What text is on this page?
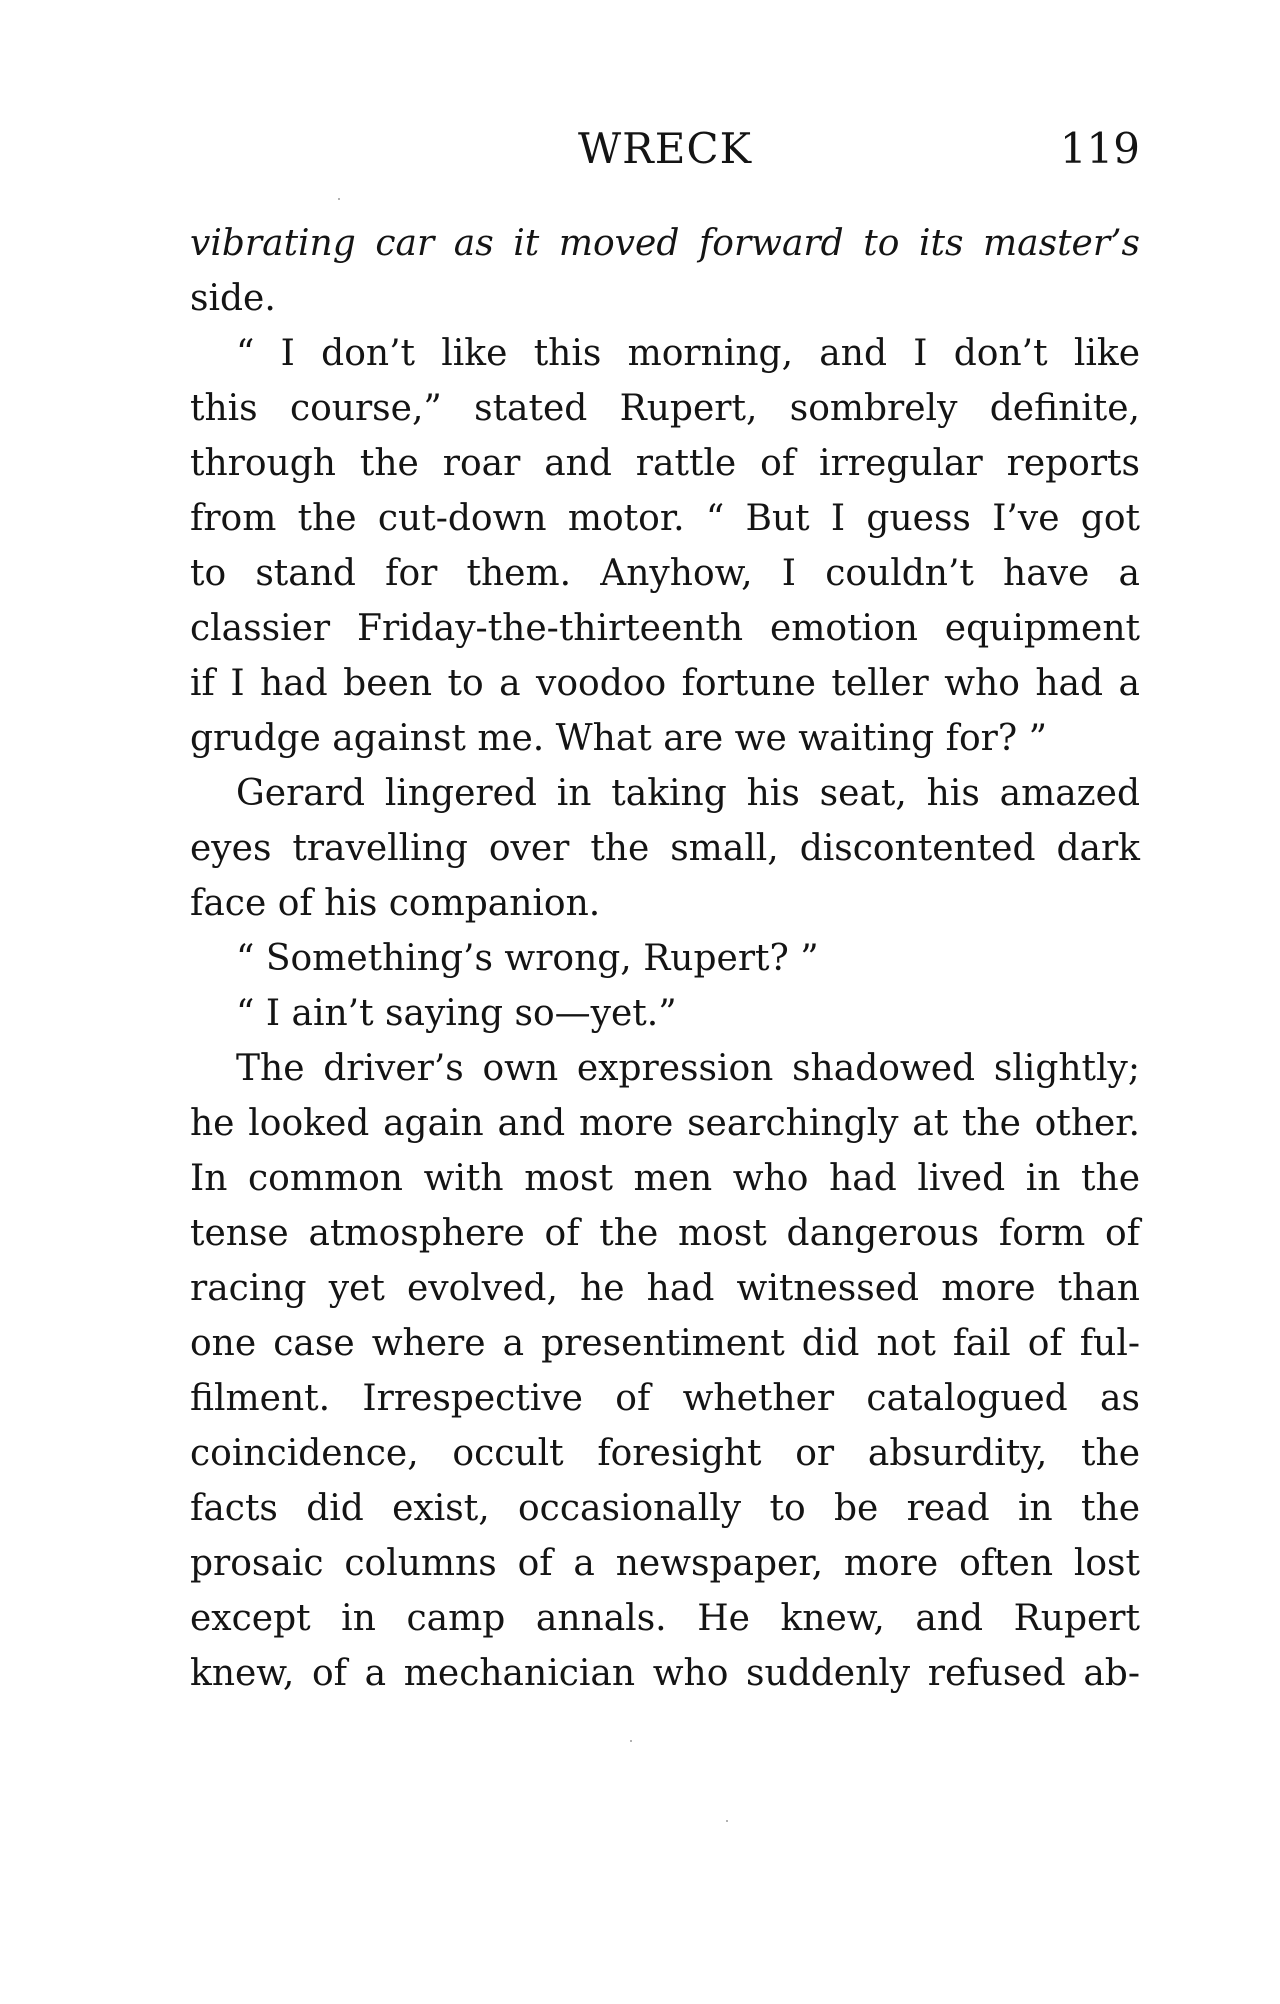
WRECK	119
vibrating car as it moved forward to its master’s
side.
“ I don’t like this morning, and I don’t like
this course,” stated Rupert, sombrely definite,
through the roar and rattle of irregular reports
from the cut-down motor. “ But I guess I’ve got
to stand for them. Anyhow, I couldn’t have a
classier Friday-the-thirteenth emotion equipment
if I had been to a voodoo fortune teller who had a
grudge against me. What are we waiting for? ”
Gerard lingered in taking his seat, his amazed
eyes travelling over the small, discontented dark
face of his companion.
“ Something’s wrong, Rupert? ”
“ I ain’t saying so—yet.”
The driver’s own expression shadowed slightly;
he looked again and more searchingly at the other.
In common with most men who had lived in the
tense atmosphere of the most dangerous form of
racing yet evolved, he had witnessed more than
one case where a presentiment did not fail of ful-
filment. Irrespective of whether catalogued as
coincidence, occult foresight or absurdity, the
facts did exist, occasionally to be read in the
prosaic columns of a newspaper, more often lost
except in camp annals. He knew, and Rupert
knew, of a mechanician who suddenly refused ab-
